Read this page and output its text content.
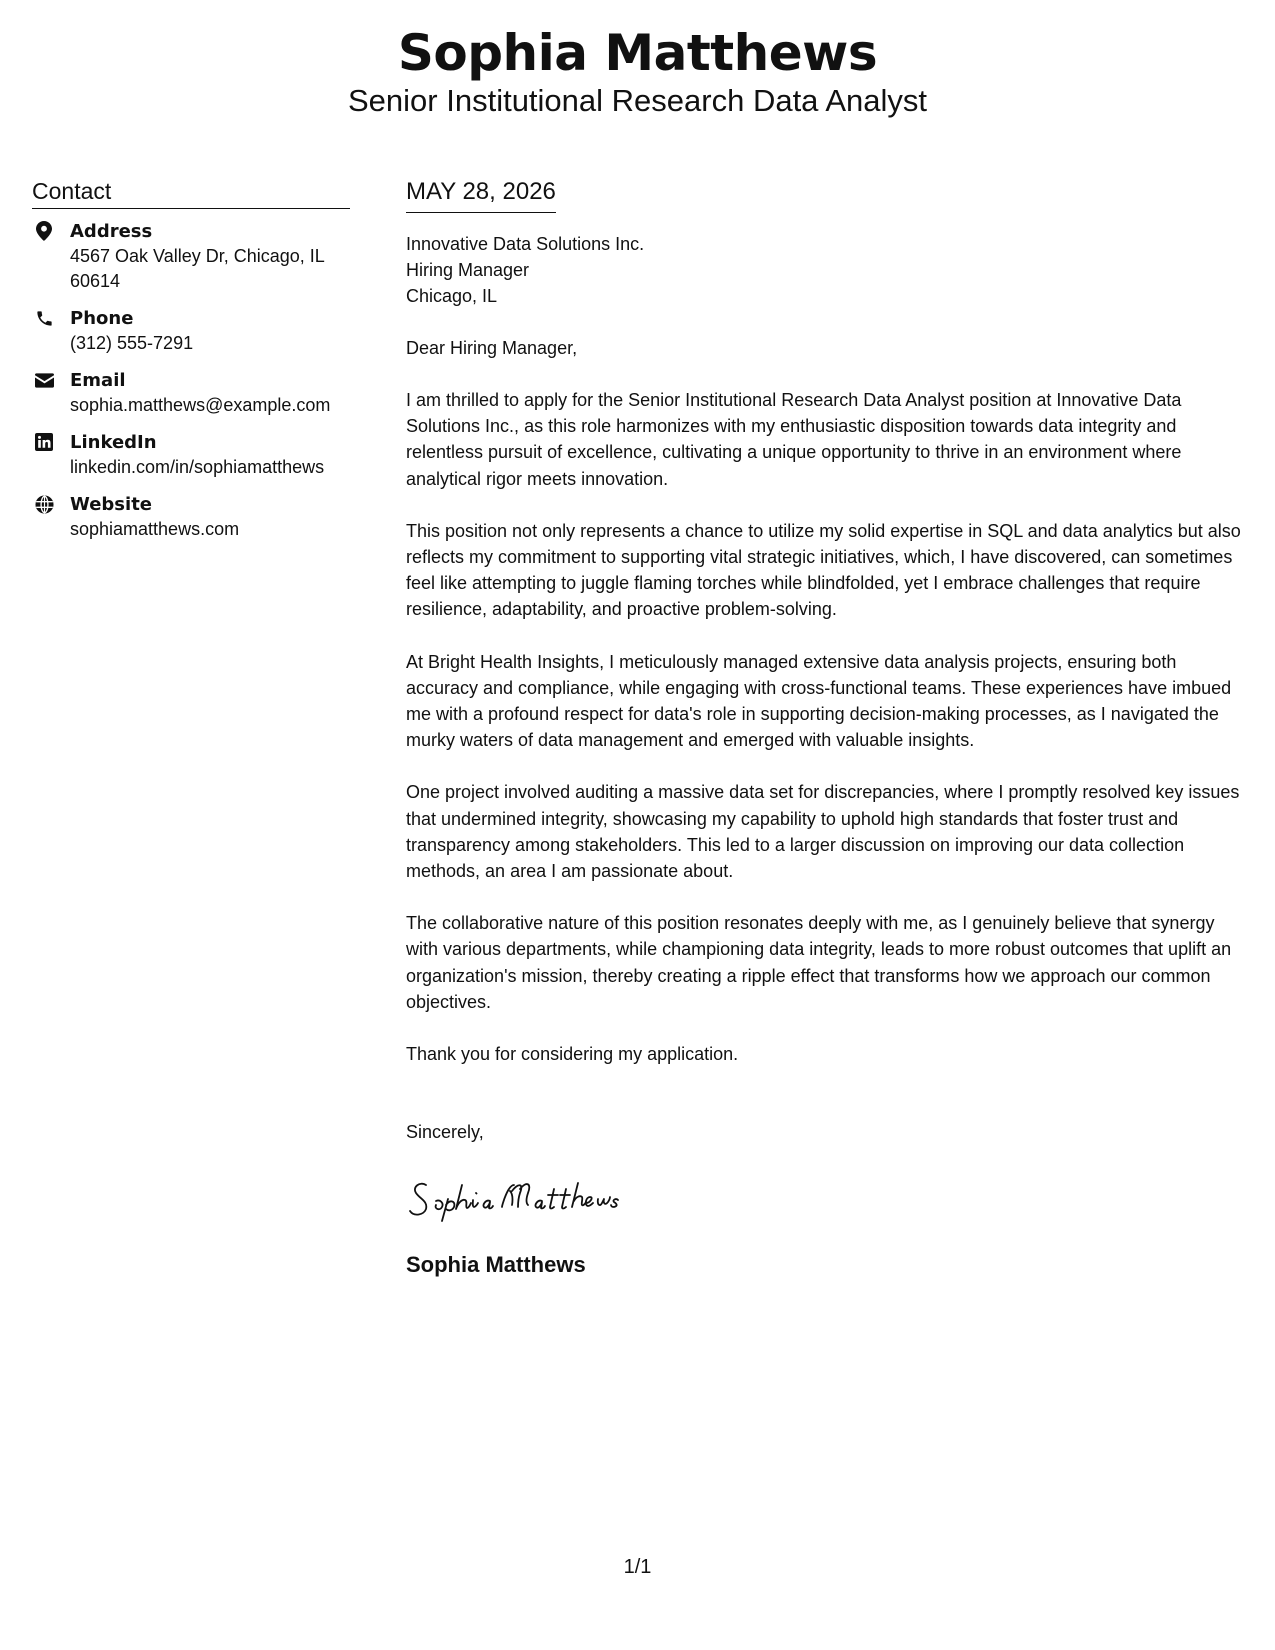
Sophia Matthews
Senior Institutional Research Data Analyst
Contact
Address
4567 Oak Valley Dr, Chicago, IL 60614
Phone
(312) 555-7291
Email
sophia.matthews@example.com
LinkedIn
linkedin.com/in/sophiamatthews
Website
sophiamatthews.com
MAY 28, 2026
Innovative Data Solutions Inc.
Hiring Manager
Chicago, IL
Dear Hiring Manager,

I am thrilled to apply for the Senior Institutional Research Data Analyst position at Innovative Data Solutions Inc., as this role harmonizes with my enthusiastic disposition towards data integrity and relentless pursuit of excellence, cultivating a unique opportunity to thrive in an environment where analytical rigor meets innovation.

This position not only represents a chance to utilize my solid expertise in SQL and data analytics but also reflects my commitment to supporting vital strategic initiatives, which, I have discovered, can sometimes feel like attempting to juggle flaming torches while blindfolded, yet I embrace challenges that require resilience, adaptability, and proactive problem-solving.

At Bright Health Insights, I meticulously managed extensive data analysis projects, ensuring both accuracy and compliance, while engaging with cross-functional teams. These experiences have imbued me with a profound respect for data's role in supporting decision-making processes, as I navigated the murky waters of data management and emerged with valuable insights.

One project involved auditing a massive data set for discrepancies, where I promptly resolved key issues that undermined integrity, showcasing my capability to uphold high standards that foster trust and transparency among stakeholders. This led to a larger discussion on improving our data collection methods, an area I am passionate about.

The collaborative nature of this position resonates deeply with me, as I genuinely believe that synergy with various departments, while championing data integrity, leads to more robust outcomes that uplift an organization's mission, thereby creating a ripple effect that transforms how we approach our common objectives.

Thank you for considering my application.

Sincerely,
Sophia Matthews
1/1
